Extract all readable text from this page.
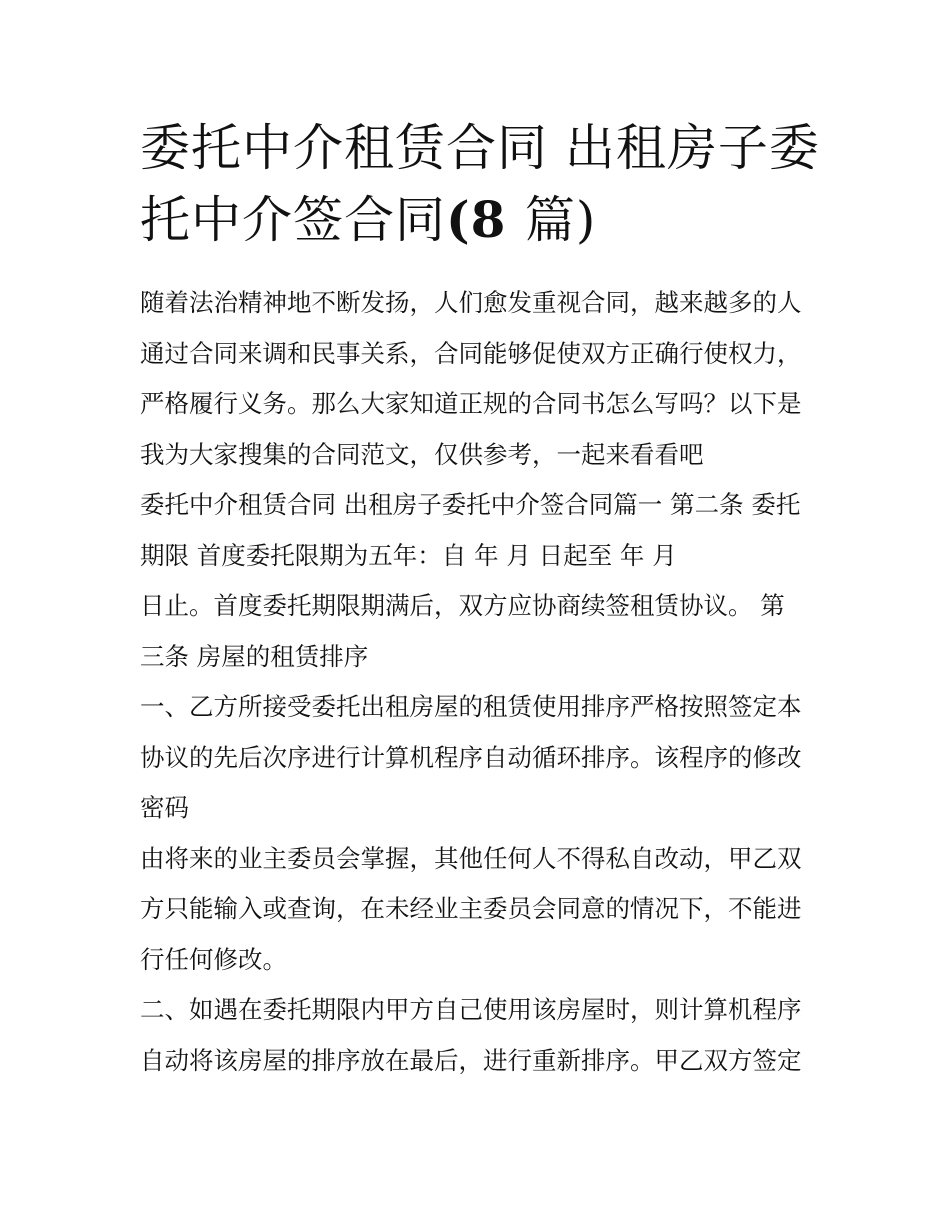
委托中介租赁合同 出租房子委
托中介签合同(8 篇)

随着法治精神地不断发扬，人们愈发重视合同，越来越多的人
通过合同来调和民事关系，合同能够促使双方正确行使权力，
严格履行义务。那么大家知道正规的合同书怎么写吗？以下是
我为大家搜集的合同范文，仅供参考，一起来看看吧

委托中介租赁合同 出租房子委托中介签合同篇一 第二条 委托
期限 首度委托限期为五年：自 年 月 日起至 年 月

日止。首度委托期限期满后，双方应协商续签租赁协议。 第
三条 房屋的租赁排序

一、乙方所接受委托出租房屋的租赁使用排序严格按照签定本
协议的先后次序进行计算机程序自动循环排序。该程序的修改
密码

由将来的业主委员会掌握，其他任何人不得私自改动，甲乙双
方只能输入或查询，在未经业主委员会同意的情况下，不能进
行任何修改。

二、如遇在委托期限内甲方自己使用该房屋时，则计算机程序
自动将该房屋的排序放在最后，进行重新排序。甲乙双方签定
